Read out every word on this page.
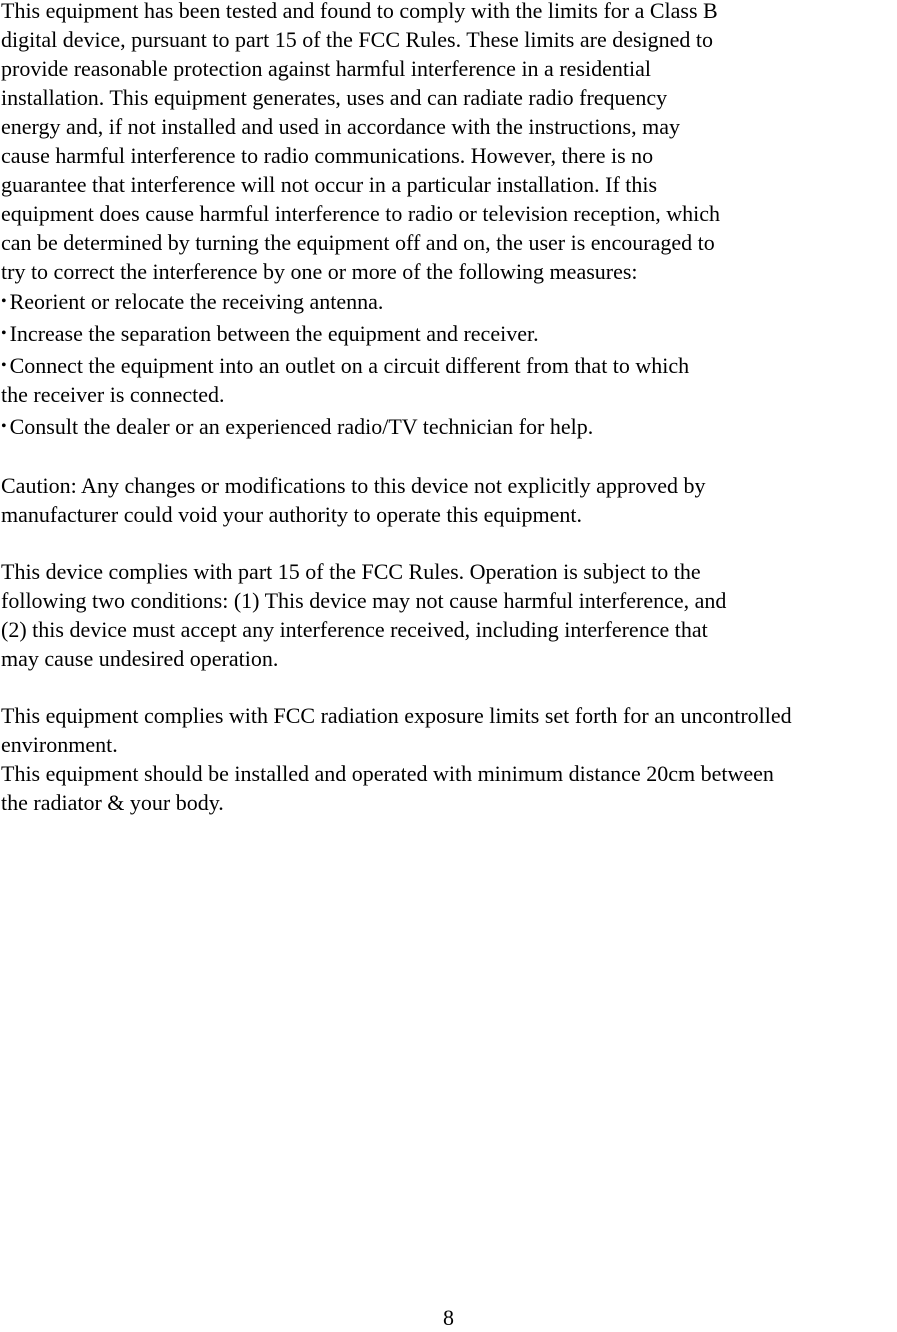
This equipment has been tested and found to comply with the limits for a Class B
digital device, pursuant to part 15 of the FCC Rules. These limits are designed to
provide reasonable protection against harmful interference in a residential
installation. This equipment generates, uses and can radiate radio frequency
energy and, if not installed and used in accordance with the instructions, may
cause harmful interference to radio communications. However, there is no
guarantee that interference will not occur in a particular installation. If this
equipment does cause harmful interference to radio or television reception, which
can be determined by turning the equipment off and on, the user is encouraged to
try to correct the interference by one or more of the following measures:
• Reorient or relocate the receiving antenna.
• Increase the separation between the equipment and receiver.
• Connect the equipment into an outlet on a circuit different from that to which
the receiver is connected.
• Consult the dealer or an experienced radio/TV technician for help.
Caution: Any changes or modifications to this device not explicitly approved by
manufacturer could void your authority to operate this equipment.
This device complies with part 15 of the FCC Rules. Operation is subject to the
following two conditions: (1) This device may not cause harmful interference, and
(2) this device must accept any interference received, including interference that
may cause undesired operation.
This equipment complies with FCC radiation exposure limits set forth for an uncontrolled
environment.
This equipment should be installed and operated with minimum distance 20cm between
the radiator & your body.
8
